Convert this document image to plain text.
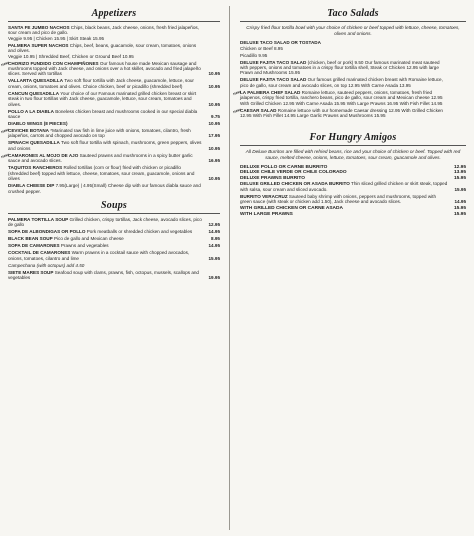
Appetizers
SANTA FE JUMBO NACHOS Chips, black beans, Jack cheese, onions, fresh fried jalapeños, sour cream and pico de gallo.
Veggie 9.95 | Chicken 15.95 | Skirt Steak 15.95
PALMERA SUPER NACHOS Chips, beef, beans, guacamole, sour cream, tomatoes, onions and olives.
Veggie 10.95 | Shredded Beef, Chicken or Ground Beef 10.95
new
CHORIZO FUNDIDO CON CHAMPIÑONES Our famous house made Mexican sausage and mushrooms topped with Jack cheese, and onions over a hot skillet, avocado and fried jalapeño slices. Served with tortillas	10.95
VALLARTA QUESADILLA Two soft flour tortilla with Jack cheese, guacamole, lettuce, sour cream, onions, tomatoes and olives. Choice chicken, beef or picadillo (shredded beef)	10.95
CANCUN QUESADILLA Your choice of our Famous marinated grilled chicken breast or skirt steak in two flour tortillas with Jack cheese, guacamole, lettuce, sour cream, tomatoes and olives.	10.95
POLLO A LA DIABLA Boneless chicken breast and mushrooms cooked in our special diabla sauce	9.75
DIABLO WINGS (8 PIECES)	10.95
new
CEVICHE BOTANA *Marinated raw fish in lime juice with onions, tomatoes, cilantro, fresh jalapeños, carrots and chopped avocado on top	17.95
SPINACH QUESADILLA Two soft flour tortilla with spinach, mushrooms, green peppers, olives and onions	10.95
new
CAMARONES AL MOJO DE AJO Sauteed prawns and mushrooms in a spicy butter garlic sauce and avocado slices.	16.95
TAQUITOS RANCHEROS Rolled tortillas (corn or flour) fried with chicken or picadillo (shredded beef) topped with lettuce, cheese, tomatoes, sour cream, guacamole, onions and olives	10.95
DIABLA CHEESE DIP 7.95(Large) | 4.95(Small) Cheese dip with our famous diabla sauce and crushed pepper.
Soups
PALMERA TORTILLA SOUP Grilled chicken, crispy tortillas, Jack cheese, avocado slices, pico de gallo	12.95
SOPA DE ALBONDIGAS OR POLLO Pork meatballs or shredded chicken and vegetables	14.95
BLACK BEAN SOUP Pico de gallo and Mexican cheese	8.95
SOPA DE CAMARONES Prawns and vegetables	14.95
COCKTAIL DE CAMARONES Warm prawns in a cocktail sauce with chopped avocados, onions, tomatoes, cilantro and lime	15.95
Campechana (with octopus) add 4.50
SIETE MARES SOUP Seafood soup with clams, prawns, fish, octopus, mussels, scallops and vegetables	19.95
Taco Salads
Crispy fried flour tortilla bowl with your choice of chicken or beef topped with lettuce, cheese, tomatoes, olives and onions.
DELUXE TACO SALAD OR TOSTADA
Chicken or Beef 8.95
Picadillo 9.95
DELUXE FAJITA TACO SALAD (chicken, beef or pork) 9.50 Our famous marinated meat sauteed with peppers, onions and tomatoes in a crispy flour tortilla shell, Steak or Chicken 12.95 with large Prawn and Mushrooms 15.95
DELUXE FAJITA TACO SALAD Our famous grilled marinated chicken breast with Romaine lettuce, pico de gallo, sour cream and avocado slices, on top 12.95 With Carne Asada 13.95
new
LA PALMERA CHEF SALAD Romaine lettuce, sauteed peppers, onions, tomatoes, fresh fried jalapenos, crispy fried tortilla, ranchero beans, pico de gallo, sour cream and Mexican cheese 12.95 With Grilled Chicken 12.95 With Carne Asada 15.95 With Large Prawns 16.95 With Fish Fillet 14.95
new
CAESAR SALAD Romaine lettuce with our homemade Caesar dressing 12.95 With Grilled Chicken 12.95 With Fish Fillet 14.95 Large Garlic Prawns and Mushrooms 15.95
For Hungry Amigos
All Deluxe Burritos are filled with refried beans, rice and your choice of chicken or beef. Topped with red sauce, melted cheese, onions, lettuce, tomatoes, sour cream, guacamole and olives.
DELUXE POLLO OR CARNE BURRITO	12.95
DELUXE CHILE VERDE OR CHILE COLORADO	13.95
DELUXE PRAWNS BURRITO	15.95
DELUXE GRILLED CHICKEN OR ASADA BURRITO Thin sliced grilled chicken or skirt steak, topped with salsa, sour cream and sliced avocado.	15.95
BURRITO VERACRUZ Sauteed baby shrimp with onions, peppers and mushrooms, topped with green sauce (with steak or chicken add 1.50), Jack cheese and avocado slices.	14.95
WITH GRILLED CHICKEN OR CARNE ASADA	15.95
WITH LARGE PRAWNS	15.95
